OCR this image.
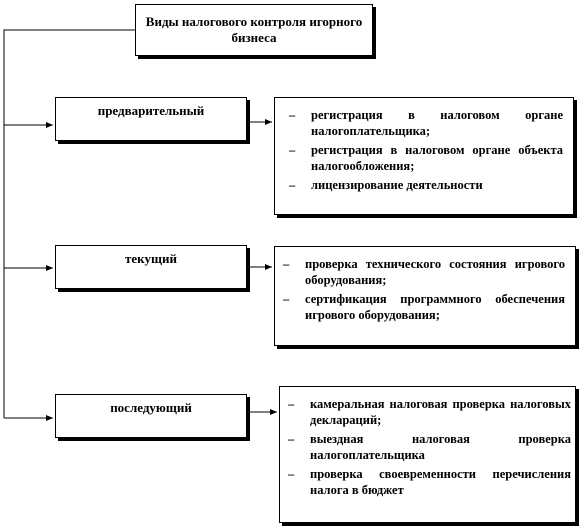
Виды налогового контроля игорного бизнеса
предварительный	– регистрация в налоговом органе налогоплательщика;
– регистрация в налоговом органе объекта налогообложения;
– лицензирование деятельности
текущий	– проверка технического состояния игрового оборудования;
– сертификация программного обеспечения игрового оборудования;
последующий	– камеральная налоговая проверка налоговых деклараций;
– выездная налоговая проверка налогоплательщика
– проверка своевременности перечисления налога в бюджет
